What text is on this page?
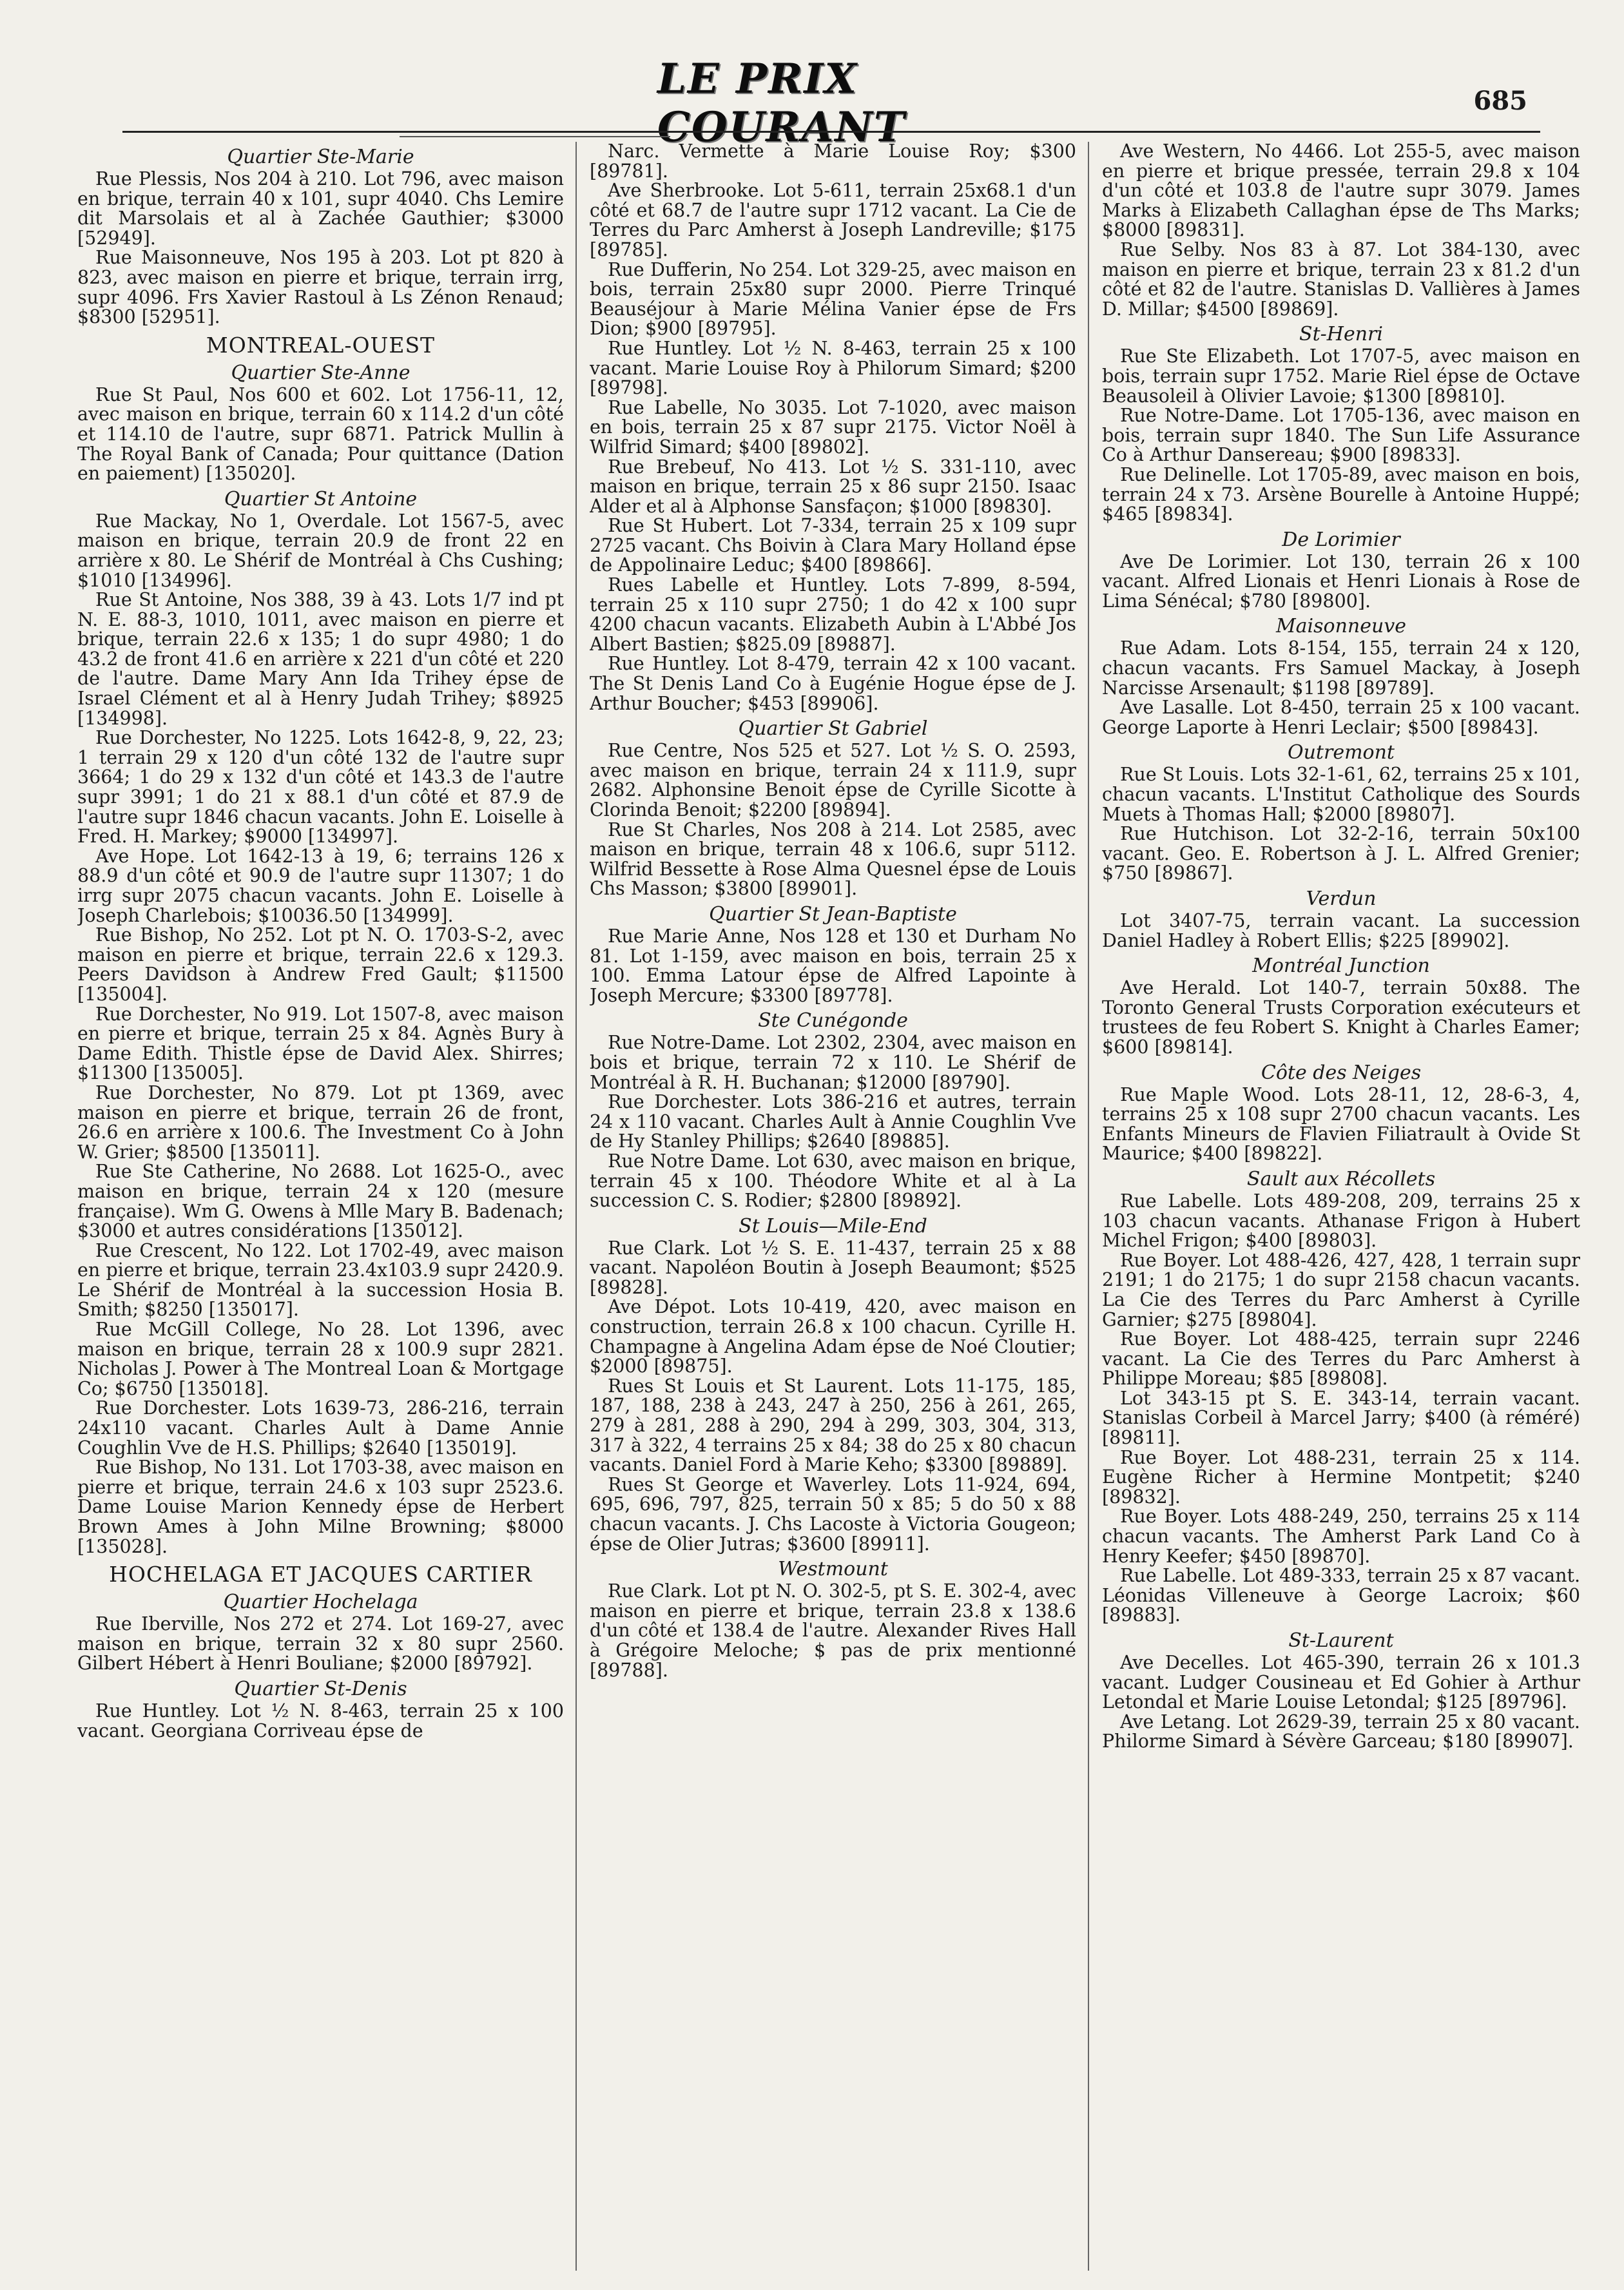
LE PRIX COURANT
685

Quartier Ste-Marie

Rue Plessis, Nos 204 à 210. Lot 796, avec maison en brique, terrain 40 x 101, supr 4040. Chs Lemire dit Marsolais et al à Zachée Gauthier; $3000 [52949].

Rue Maisonneuve, Nos 195 à 203. Lot pt 820 à 823, avec maison en pierre et brique, terrain irrg, supr 4096. Frs Xavier Rastoul à Ls Zénon Renaud; $8300 [52951].

MONTREAL-OUEST

Quartier Ste-Anne

Rue St Paul, Nos 600 et 602. Lot 1756-11, 12, avec maison en brique, terrain 60 x 114.2 d'un côté et 114.10 de l'autre, supr 6871. Patrick Mullin à The Royal Bank of Canada; Pour quittance (Dation en paiement) [135020].

Quartier St Antoine

Rue Mackay, No 1, Overdale. Lot 1567-5, avec maison en brique, terrain 20.9 de front 22 en arrière x 80. Le Shérif de Montréal à Chs Cushing; $1010 [134996].

Rue St Antoine, Nos 388, 39 à 43. Lots 1/7 ind pt N. E. 88-3, 1010, 1011, avec maison en pierre et brique, terrain 22.6 x 135; 1 do supr 4980; 1 do 43.2 de front 41.6 en arrière x 221 d'un côté et 220 de l'autre. Dame Mary Ann Ida Trihey épse de Israel Clément et al à Henry Judah Trihey; $8925 [134998].

Rue Dorchester, No 1225. Lots 1642-8, 9, 22, 23; 1 terrain 29 x 120 d'un côté 132 de l'autre supr 3664; 1 do 29 x 132 d'un côté et 143.3 de l'autre supr 3991; 1 do 21 x 88.1 d'un côté et 87.9 de l'autre supr 1846 chacun vacants. John E. Loiselle à Fred. H. Markey; $9000 [134997].

Ave Hope. Lot 1642-13 à 19, 6; terrains 126 x 88.9 d'un côté et 90.9 de l'autre supr 11307; 1 do irrg supr 2075 chacun vacants. John E. Loiselle à Joseph Charlebois; $10036.50 [134999].

Rue Bishop, No 252. Lot pt N. O. 1703-S-2, avec maison en pierre et brique, terrain 22.6 x 129.3. Peers Davidson à Andrew Fred Gault; $11500 [135004].

Rue Dorchester, No 919. Lot 1507-8, avec maison en pierre et brique, terrain 25 x 84. Agnès Bury à Dame Edith. Thistle épse de David Alex. Shirres; $11300 [135005].

Rue Dorchester, No 879. Lot pt 1369, avec maison en pierre et brique, terrain 26 de front, 26.6 en arrière x 100.6. The Investment Co à John W. Grier; $8500 [135011].

Rue Ste Catherine, No 2688. Lot 1625-O., avec maison en brique, terrain 24 x 120 (mesure française). Wm G. Owens à Mlle Mary B. Badenach; $3000 et autres considérations [135012].

Rue Crescent, No 122. Lot 1702-49, avec maison en pierre et brique, terrain 23.4x103.9 supr 2420.9. Le Shérif de Montréal à la succession Hosia B. Smith; $8250 [135017].

Rue McGill College, No 28. Lot 1396, avec maison en brique, terrain 28 x 100.9 supr 2821. Nicholas J. Power à The Montreal Loan & Mortgage Co; $6750 [135018].

Rue Dorchester. Lots 1639-73, 286-216, terrain 24x110 vacant. Charles Ault à Dame Annie Coughlin Vve de H.S. Phillips; $2640 [135019].

Rue Bishop, No 131. Lot 1703-38, avec maison en pierre et brique, terrain 24.6 x 103 supr 2523.6. Dame Louise Marion Kennedy épse de Herbert Brown Ames à John Milne Browning; $8000 [135028].

HOCHELAGA ET JACQUES CARTIER

Quartier Hochelaga

Rue Iberville, Nos 272 et 274. Lot 169-27, avec maison en brique, terrain 32 x 80 supr 2560. Gilbert Hébert à Henri Bouliane; $2000 [89792].

Quartier St-Denis

Rue Huntley. Lot ½ N. 8-463, terrain 25 x 100 vacant. Georgiana Corriveau épse de

Narc. Vermette à Marie Louise Roy; $300 [89781].

Ave Sherbrooke. Lot 5-611, terrain 25x68.1 d'un côté et 68.7 de l'autre supr 1712 vacant. La Cie de Terres du Parc Amherst à Joseph Landreville; $175 [89785].

Rue Dufferin, No 254. Lot 329-25, avec maison en bois, terrain 25x80 supr 2000. Pierre Trinqué Beauséjour à Marie Mélina Vanier épse de Frs Dion; $900 [89795].

Rue Huntley. Lot ½ N. 8-463, terrain 25 x 100 vacant. Marie Louise Roy à Philorum Simard; $200 [89798].

Rue Labelle, No 3035. Lot 7-1020, avec maison en bois, terrain 25 x 87 supr 2175. Victor Noël à Wilfrid Simard; $400 [89802].

Rue Brebeuf, No 413. Lot ½ S. 331-110, avec maison en brique, terrain 25 x 86 supr 2150. Isaac Alder et al à Alphonse Sansfaçon; $1000 [89830].

Rue St Hubert. Lot 7-334, terrain 25 x 109 supr 2725 vacant. Chs Boivin à Clara Mary Holland épse de Appolinaire Leduc; $400 [89866].

Rues Labelle et Huntley. Lots 7-899, 8-594, terrain 25 x 110 supr 2750; 1 do 42 x 100 supr 4200 chacun vacants. Elizabeth Aubin à L'Abbé Jos Albert Bastien; $825.09 [89887].

Rue Huntley. Lot 8-479, terrain 42 x 100 vacant. The St Denis Land Co à Eugénie Hogue épse de J. Arthur Boucher; $453 [89906].

Quartier St Gabriel

Rue Centre, Nos 525 et 527. Lot ½ S. O. 2593, avec maison en brique, terrain 24 x 111.9, supr 2682. Alphonsine Benoit épse de Cyrille Sicotte à Clorinda Benoit; $2200 [89894].

Rue St Charles, Nos 208 à 214. Lot 2585, avec maison en brique, terrain 48 x 106.6, supr 5112. Wilfrid Bessette à Rose Alma Quesnel épse de Louis Chs Masson; $3800 [89901].

Quartier St Jean-Baptiste

Rue Marie Anne, Nos 128 et 130 et Durham No 81. Lot 1-159, avec maison en bois, terrain 25 x 100. Emma Latour épse de Alfred Lapointe à Joseph Mercure; $3300 [89778].

Ste Cunégonde

Rue Notre-Dame. Lot 2302, 2304, avec maison en bois et brique, terrain 72 x 110. Le Shérif de Montréal à R. H. Buchanan; $12000 [89790].

Rue Dorchester. Lots 386-216 et autres, terrain 24 x 110 vacant. Charles Ault à Annie Coughlin Vve de Hy Stanley Phillips; $2640 [89885].

Rue Notre Dame. Lot 630, avec maison en brique, terrain 45 x 100. Théodore White et al à La succession C. S. Rodier; $2800 [89892].

St Louis—Mile-End

Rue Clark. Lot ½ S. E. 11-437, terrain 25 x 88 vacant. Napoléon Boutin à Joseph Beaumont; $525 [89828].

Ave Dépot. Lots 10-419, 420, avec maison en construction, terrain 26.8 x 100 chacun. Cyrille H. Champagne à Angelina Adam épse de Noé Cloutier; $2000 [89875].

Rues St Louis et St Laurent. Lots 11-175, 185, 187, 188, 238 à 243, 247 à 250, 256 à 261, 265, 279 à 281, 288 à 290, 294 à 299, 303, 304, 313, 317 à 322, 4 terrains 25 x 84; 38 do 25 x 80 chacun vacants. Daniel Ford à Marie Keho; $3300 [89889].

Rues St George et Waverley. Lots 11-924, 694, 695, 696, 797, 825, terrain 50 x 85; 5 do 50 x 88 chacun vacants. J. Chs Lacoste à Victoria Gougeon; épse de Olier Jutras; $3600 [89911].

Westmount

Rue Clark. Lot pt N. O. 302-5, pt S. E. 302-4, avec maison en pierre et brique, terrain 23.8 x 138.6 d'un côté et 138.4 de l'autre. Alexander Rives Hall à Grégoire Meloche; $ pas de prix mentionné [89788].

Ave Western, No 4466. Lot 255-5, avec maison en pierre et brique pressée, terrain 29.8 x 104 d'un côté et 103.8 de l'autre supr 3079. James Marks à Elizabeth Callaghan épse de Ths Marks; $8000 [89831].

Rue Selby. Nos 83 à 87. Lot 384-130, avec maison en pierre et brique, terrain 23 x 81.2 d'un côté et 82 de l'autre. Stanislas D. Vallières à James D. Millar; $4500 [89869].

St-Henri

Rue Ste Elizabeth. Lot 1707-5, avec maison en bois, terrain supr 1752. Marie Riel épse de Octave Beausoleil à Olivier Lavoie; $1300 [89810].

Rue Notre-Dame. Lot 1705-136, avec maison en bois, terrain supr 1840. The Sun Life Assurance Co à Arthur Dansereau; $900 [89833].

Rue Delinelle. Lot 1705-89, avec maison en bois, terrain 24 x 73. Arsène Bourelle à Antoine Huppé; $465 [89834].

De Lorimier

Ave De Lorimier. Lot 130, terrain 26 x 100 vacant. Alfred Lionais et Henri Lionais à Rose de Lima Sénécal; $780 [89800].

Maisonneuve

Rue Adam. Lots 8-154, 155, terrain 24 x 120, chacun vacants. Frs Samuel Mackay, à Joseph Narcisse Arsenault; $1198 [89789].

Ave Lasalle. Lot 8-450, terrain 25 x 100 vacant. George Laporte à Henri Leclair; $500 [89843].

Outremont

Rue St Louis. Lots 32-1-61, 62, terrains 25 x 101, chacun vacants. L'Institut Catholique des Sourds Muets à Thomas Hall; $2000 [89807].

Rue Hutchison. Lot 32-2-16, terrain 50x100 vacant. Geo. E. Robertson à J. L. Alfred Grenier; $750 [89867].

Verdun

Lot 3407-75, terrain vacant. La succession Daniel Hadley à Robert Ellis; $225 [89902].

Montréal Junction

Ave Herald. Lot 140-7, terrain 50x88. The Toronto General Trusts Corporation exécuteurs et trustees de feu Robert S. Knight à Charles Eamer; $600 [89814].

Côte des Neiges

Rue Maple Wood. Lots 28-11, 12, 28-6-3, 4, terrains 25 x 108 supr 2700 chacun vacants. Les Enfants Mineurs de Flavien Filiatrault à Ovide St Maurice; $400 [89822].

Sault aux Récollets

Rue Labelle. Lots 489-208, 209, terrains 25 x 103 chacun vacants. Athanase Frigon à Hubert Michel Frigon; $400 [89803].

Rue Boyer. Lot 488-426, 427, 428, 1 terrain supr 2191; 1 do 2175; 1 do supr 2158 chacun vacants. La Cie des Terres du Parc Amherst à Cyrille Garnier; $275 [89804].

Rue Boyer. Lot 488-425, terrain supr 2246 vacant. La Cie des Terres du Parc Amherst à Philippe Moreau; $85 [89808].

Lot 343-15 pt S. E. 343-14, terrain vacant. Stanislas Corbeil à Marcel Jarry; $400 (à réméré) [89811].

Rue Boyer. Lot 488-231, terrain 25 x 114. Eugène Richer à Hermine Montpetit; $240 [89832].

Rue Boyer. Lots 488-249, 250, terrains 25 x 114 chacun vacants. The Amherst Park Land Co à Henry Keefer; $450 [89870].

Rue Labelle. Lot 489-333, terrain 25 x 87 vacant. Léonidas Villeneuve à George Lacroix; $60 [89883].

St-Laurent

Ave Decelles. Lot 465-390, terrain 26 x 101.3 vacant. Ludger Cousineau et Ed Gohier à Arthur Letondal et Marie Louise Letondal; $125 [89796].

Ave Letang. Lot 2629-39, terrain 25 x 80 vacant. Philorme Simard à Sévère Garceau; $180 [89907].
